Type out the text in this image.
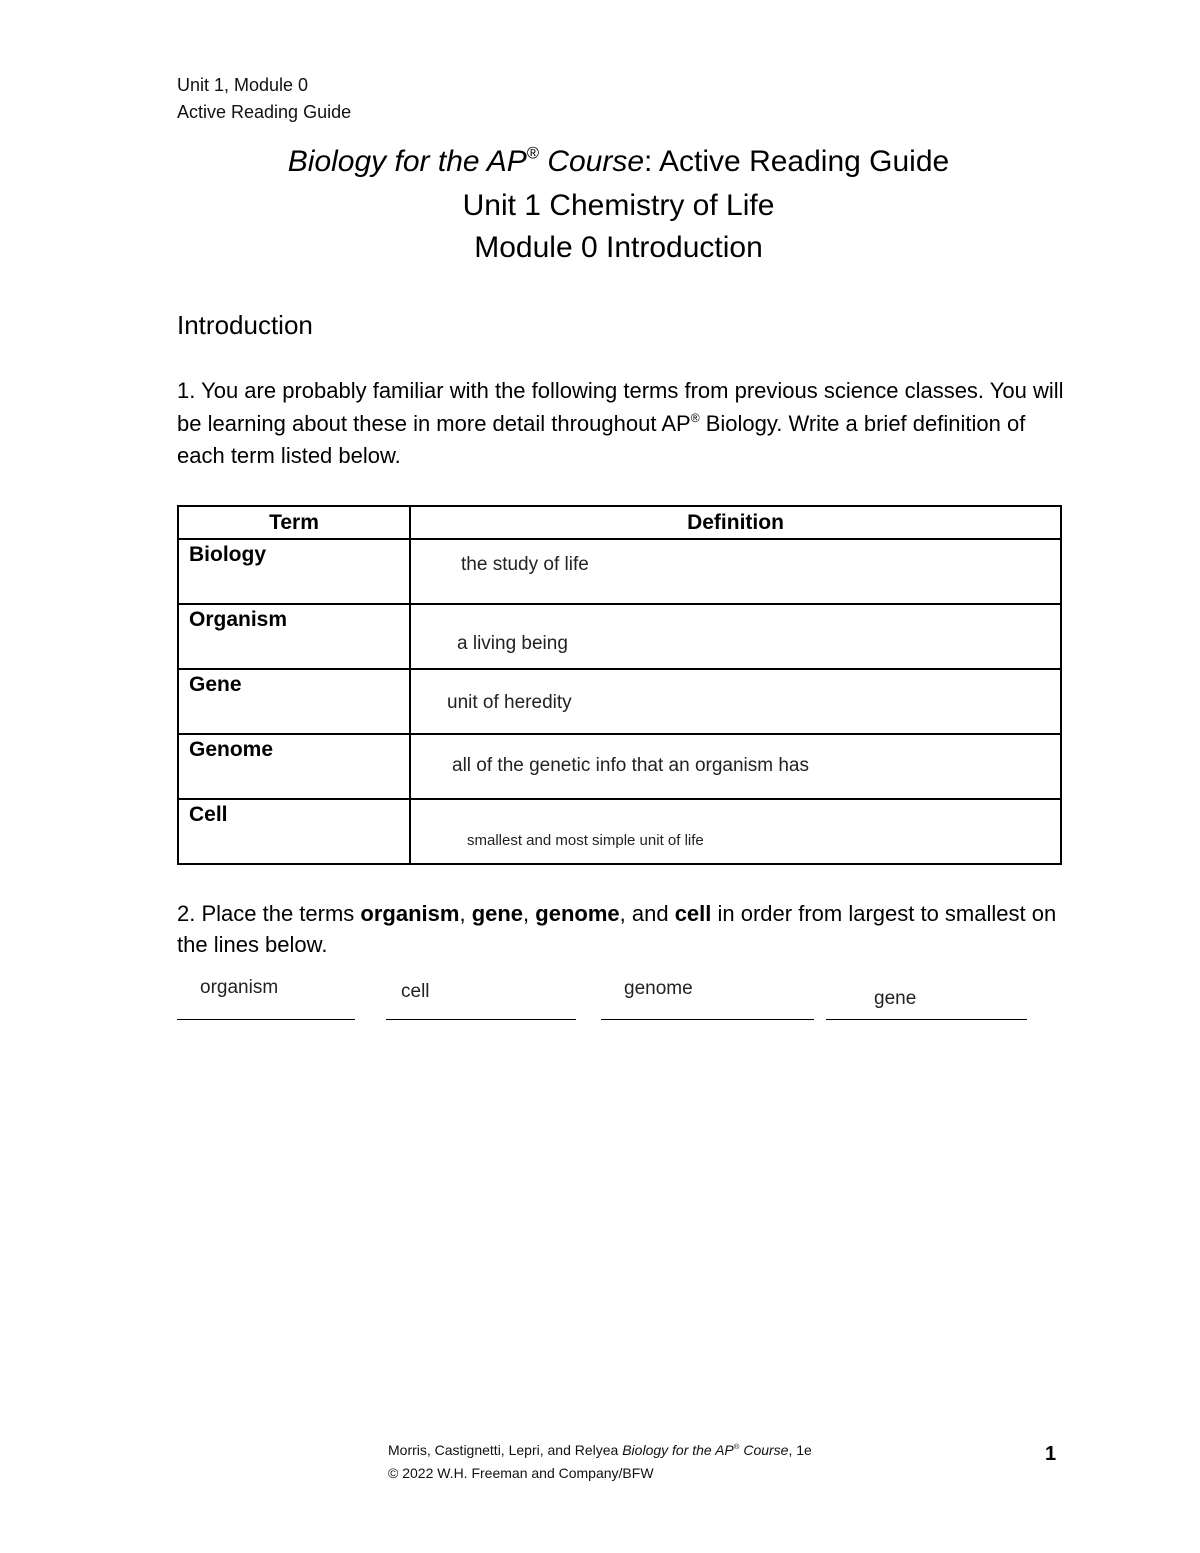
Unit 1, Module 0
Active Reading Guide
Biology for the AP® Course: Active Reading Guide
Unit 1 Chemistry of Life
Module 0 Introduction
Introduction
1. You are probably familiar with the following terms from previous science classes. You will be learning about these in more detail throughout AP® Biology. Write a brief definition of each term listed below.
Term	Definition

Biology	the study of life

Organism	a living being

Gene	unit of heredity

Genome	all of the genetic info that an organism has

Cell	smallest and most simple unit of life
2. Place the terms organism, gene, genome, and cell in order from largest to smallest on the lines below.
organism	cell	genome	gene
Morris, Castignetti, Lepri, and Relyea Biology for the AP® Course, 1e
© 2022 W.H. Freeman and Company/BFW
1
